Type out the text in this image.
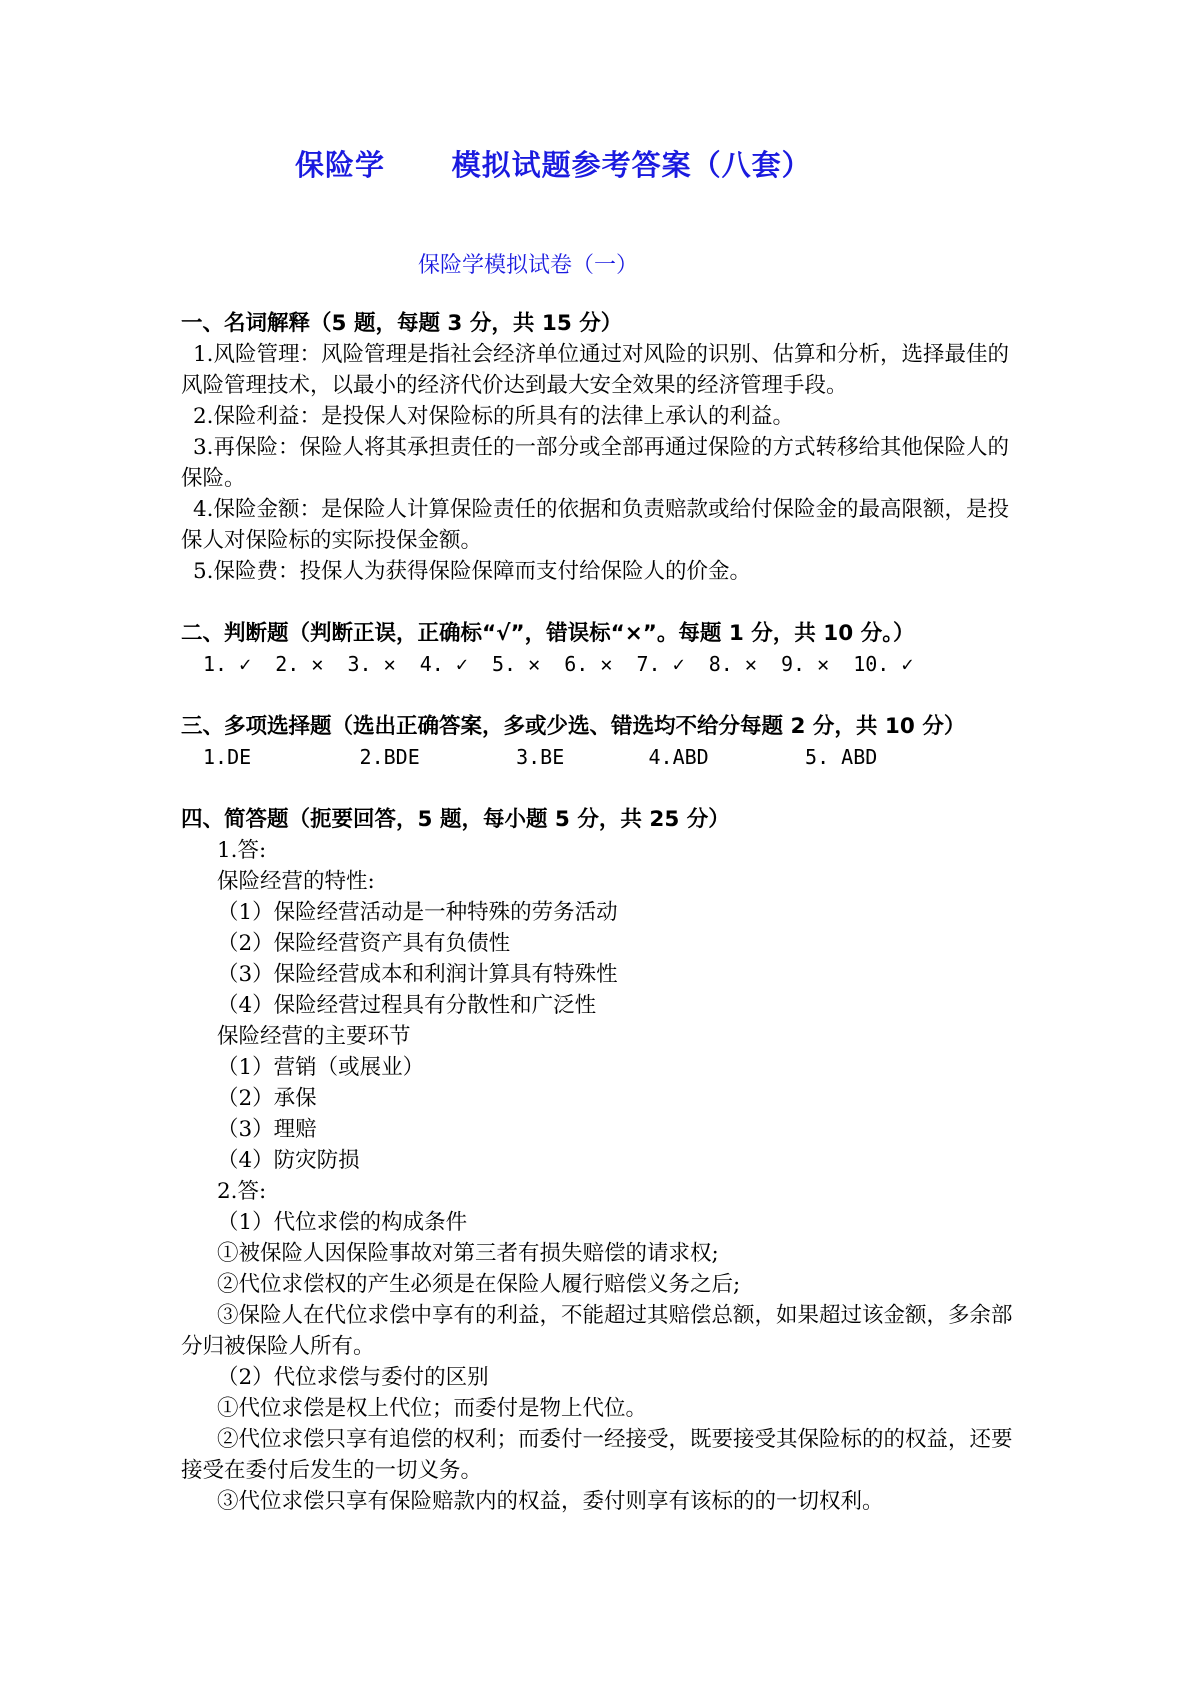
保险学      模拟试题参考答案（八套）
保险学模拟试卷（一）
一、名词解释（5 题，每题 3 分，共 15 分）

1.风险管理：风险管理是指社会经济单位通过对风险的识别、估算和分析，选择最佳的风险管理技术，以最小的经济代价达到最大安全效果的经济管理手段。

2.保险利益：是投保人对保险标的所具有的法律上承认的利益。

3.再保险：保险人将其承担责任的一部分或全部再通过保险的方式转移给其他保险人的保险。

4.保险金额：是保险人计算保险责任的依据和负责赔款或给付保险金的最高限额，是投保人对保险标的实际投保金额。

5.保险费：投保人为获得保险保障而支付给保险人的价金。

二、判断题（判断正误，正确标“√”，错误标“×”。每题 1 分，共 10 分。）
1. ✓  2. ✕  3. ✕  4. ✓  5. ✕  6. ✕  7. ✓  8. ✕  9. ✕  10. ✓
三、多项选择题（选出正确答案，多或少选、错选均不给分每题 2 分，共 10 分）
1.DE         2.BDE        3.BE       4.ABD        5. ABD
四、简答题（扼要回答，5 题，每小题 5 分，共 25 分）
1.答:
保险经营的特性:
（1）保险经营活动是一种特殊的劳务活动
（2）保险经营资产具有负债性
（3）保险经营成本和利润计算具有特殊性
（4）保险经营过程具有分散性和广泛性
保险经营的主要环节
（1）营销（或展业）
（2）承保
（3）理赔
（4）防灾防损
2.答:
（1）代位求偿的构成条件

①被保险人因保险事故对第三者有损失赔偿的请求权;

②代位求偿权的产生必须是在保险人履行赔偿义务之后;

③保险人在代位求偿中享有的利益，不能超过其赔偿总额，如果超过该金额，多余部分归被保险人所有。

（2）代位求偿与委付的区别

①代位求偿是权上代位；而委付是物上代位。

②代位求偿只享有追偿的权利；而委付一经接受，既要接受其保险标的的权益，还要接受在委付后发生的一切义务。

③代位求偿只享有保险赔款内的权益，委付则享有该标的的一切权利。
